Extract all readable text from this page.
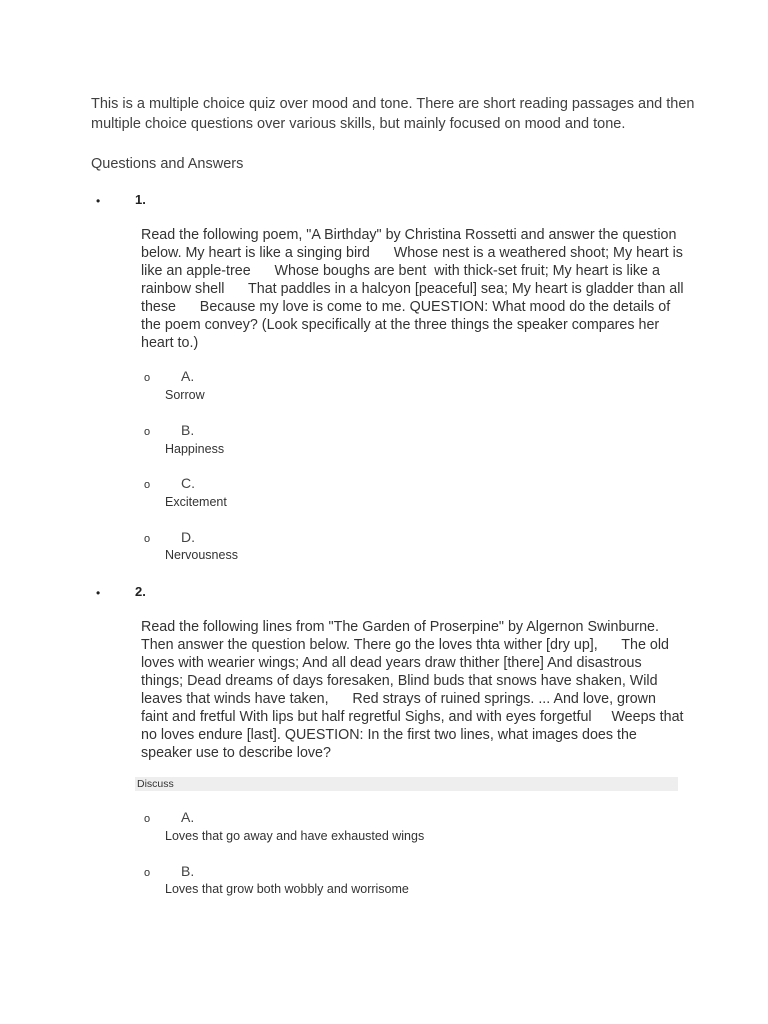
This is a multiple choice quiz over mood and tone. There are short reading passages and then multiple choice questions over various skills, but mainly focused on mood and tone.
Questions and Answers
•	1.
Read the following poem, "A Birthday" by Christina Rossetti and answer the question below. My heart is like a singing bird      Whose nest is a weathered shoot; My heart is like an apple-tree      Whose boughs are bent  with thick-set fruit; My heart is like a rainbow shell      That paddles in a halcyon [peaceful] sea; My heart is gladder than all these      Because my love is come to me. QUESTION: What mood do the details of the poem convey? (Look specifically at the three things the speaker compares her heart to.)
o A.
Sorrow
o B.
Happiness
o C.
Excitement
o D.
Nervousness
•	2.
Read the following lines from "The Garden of Proserpine" by Algernon Swinburne. Then answer the question below. There go the loves thta wither [dry up],      The old loves with wearier wings; And all dead years draw thither [there] And disastrous things; Dead dreams of days foresaken, Blind buds that snows have shaken, Wild leaves that winds have taken,      Red strays of ruined springs. ... And love, grown faint and fretful With lips but half regretful Sighs, and with eyes forgetful     Weeps that no loves endure [last]. QUESTION: In the first two lines, what images does the speaker use to describe love?
Discuss
o A.
Loves that go away and have exhausted wings
o B.
Loves that grow both wobbly and worrisome
